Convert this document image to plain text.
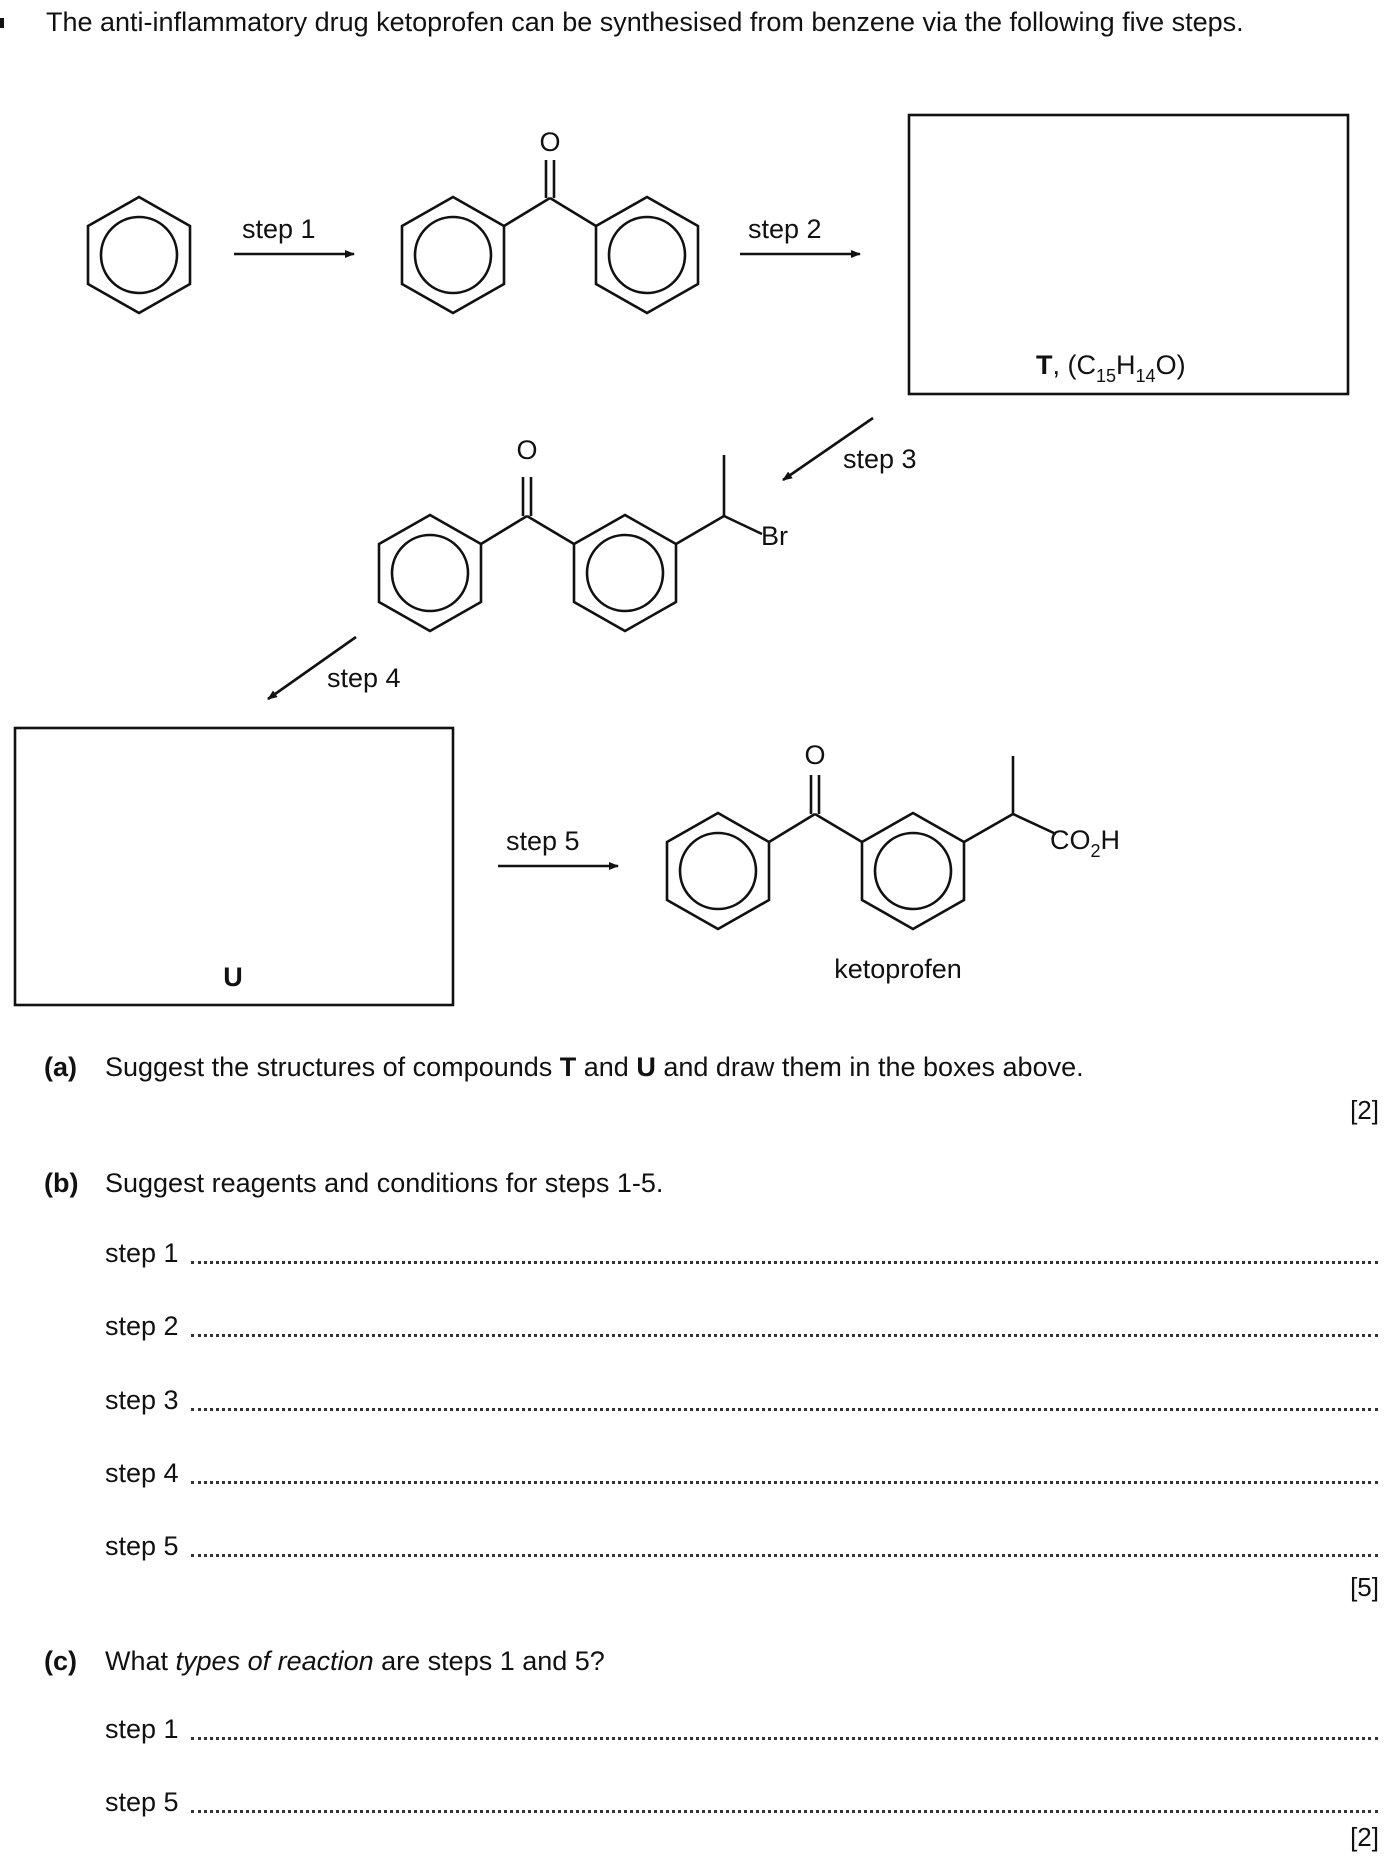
The anti-inflammatory drug ketoprofen can be synthesised from benzene via the following five steps.
step 1	step 2
step 3
step 4
step 5
O
O
O
Br
$CO_2H$
T, $(C_{15}H_{14}O)$
U	ketoprofen
(a) Suggest the structures of compounds T and U and draw them in the boxes above.
[2]
(b) Suggest reagents and conditions for steps 1-5.
step 1
step 2
step 3
step 4
step 5
[5]
(c) What types of reaction are steps 1 and 5?
step 1
step 5
[2]
